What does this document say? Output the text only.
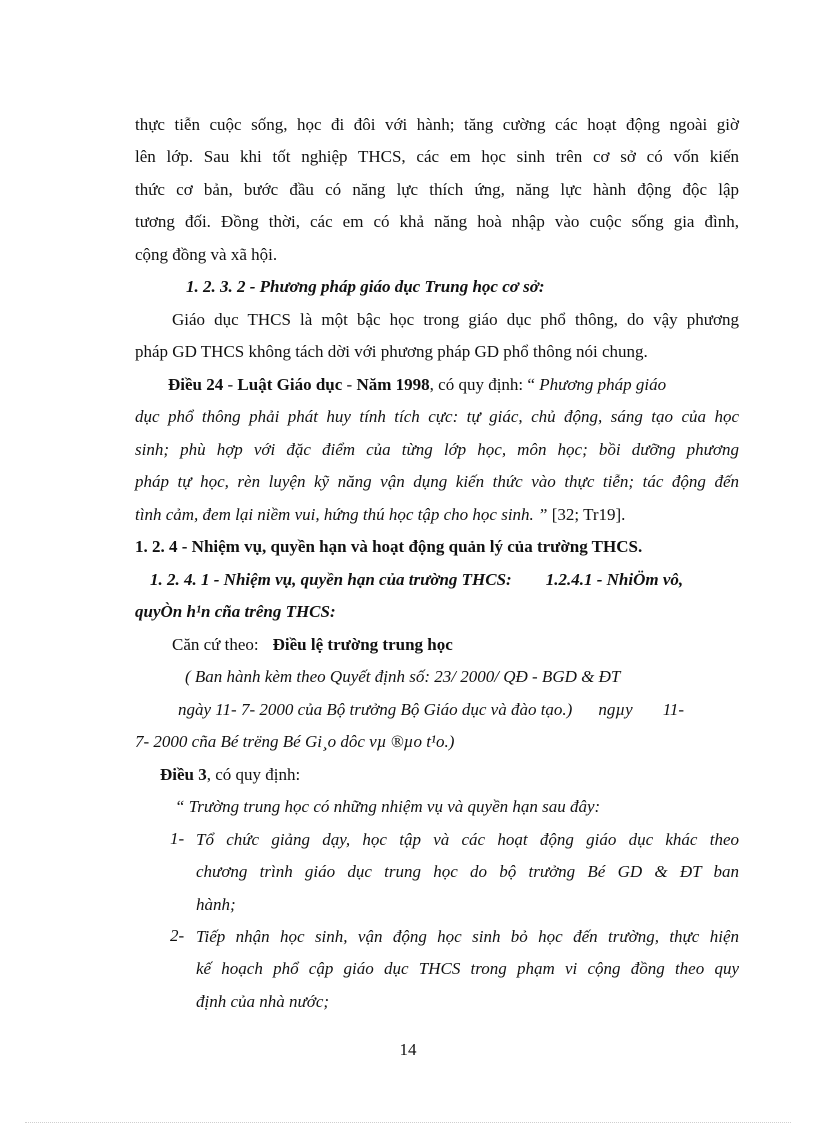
thực tiễn cuộc sống, học đi đôi với hành; tăng cường các hoạt động ngoài giờ
lên lớp. Sau khi tốt nghiệp THCS, các em học sinh trên cơ sở có vốn kiến
thức cơ bản, bước đầu có năng lực thích ứng, năng lực hành động độc lập
tương đối. Đồng thời, các em có khả năng hoà nhập vào cuộc sống gia đình,
cộng đồng và xã hội.
1. 2. 3. 2 - Phương pháp giáo dục Trung học cơ sở:
Giáo dục THCS là một bậc học trong giáo dục phổ thông, do vậy phương
pháp GD THCS không tách dời với phương pháp GD phổ thông nói chung.
Điều 24 - Luật Giáo dục - Năm 1998, có quy định: “ Phương pháp giáo
dục phổ thông phải phát huy tính tích cực: tự giác, chủ động, sáng tạo của học
sinh; phù hợp với đặc điểm của từng lớp học, môn học; bồi dưỡng phương
pháp tự học, rèn luyện kỹ năng vận dụng kiến thức vào thực tiễn; tác động đến
tình cảm, đem lại niềm vui, hứng thú học tập cho học sinh. ” [32; Tr19].
1. 2. 4 - Nhiệm vụ, quyền hạn và hoạt động quản lý của trường THCS.
1. 2. 4. 1 - Nhiệm vụ, quyền hạn của trường THCS: 1.2.4.1 - NhiÖm vô,
quyÒn h¹n cña trêng THCS:
Căn cứ theo: Điều lệ trường trung học
( Ban hành kèm theo Quyết định số: 23/ 2000/ QĐ - BGD & ĐT
ngày 11- 7- 2000 của Bộ trưởng Bộ Giáo dục và đào tạo.) ngµy 11-
7- 2000 cña Bé trëng Bé Gi¸o dôc vµ ®µo t¹o.)
Điều 3, có quy định:
“ Trường trung học có những nhiệm vụ và quyền hạn sau đây:
1- Tổ chức giảng dạy, học tập và các hoạt động giáo dục khác theo
chương trình giáo dục trung học do bộ trưởng Bé GD & ĐT ban
hành;
2- Tiếp nhận học sinh, vận động học sinh bỏ học đến trường, thực hiện
kế hoạch phổ cập giáo dục THCS trong phạm vi cộng đồng theo quy
định của nhà nước;
14
